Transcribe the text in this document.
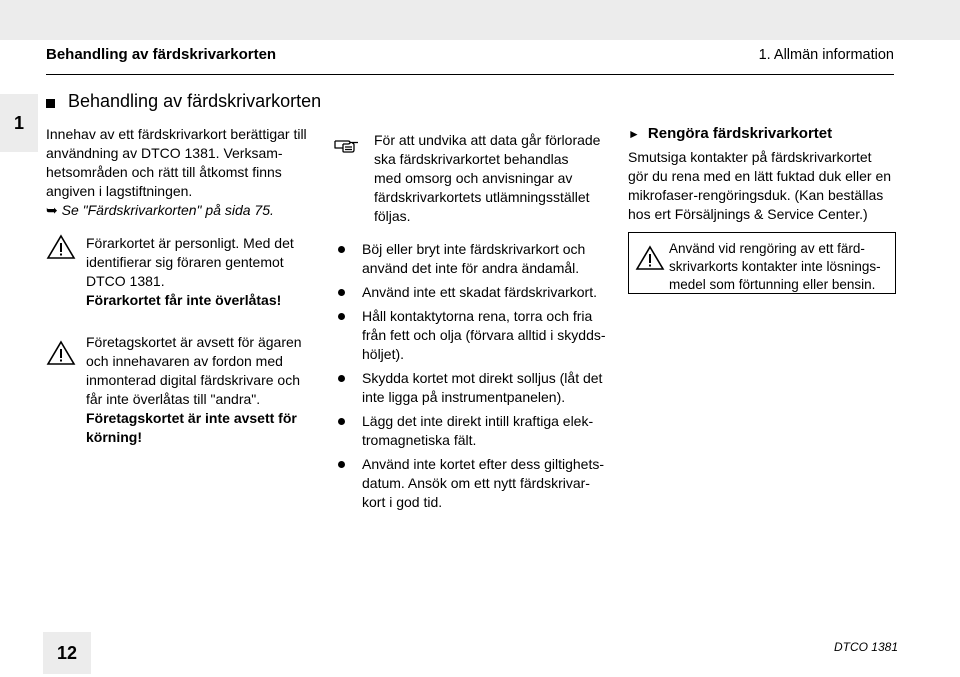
Behandling av färdskrivarkorten	1. Allmän information
1
Behandling av färdskrivarkorten
Innehav av ett färdskrivarkort berättigar till
användning av DTCO 1381. Verksam-
hetsområden och rätt till åtkomst finns
angiven i lagstiftningen.
➥ Se "Färdskrivarkorten" på sida 75.
Förarkortet är personligt. Med det
identifierar sig föraren gentemot
DTCO 1381.
Förarkortet får inte överlåtas!
Företagskortet är avsett för ägaren
och innehavaren av fordon med
inmonterad digital färdskrivare och
får inte överlåtas till "andra".
Företagskortet är inte avsett för
körning!
För att undvika att data går förlorade
ska färdskrivarkortet behandlas
med omsorg och anvisningar av
färdskrivarkortets utlämningsstället
följas.
Böj eller bryt inte färdskrivarkort och
använd det inte för andra ändamål.
Använd inte ett skadat färdskrivarkort.
Håll kontaktytorna rena, torra och fria
från fett och olja (förvara alltid i skydds-
höljet).
Skydda kortet mot direkt solljus (låt det
inte ligga på instrumentpanelen).
Lägg det inte direkt intill kraftiga elek-
tromagnetiska fält.
Använd inte kortet efter dess giltighets-
datum. Ansök om ett nytt färdskrivar-
kort i god tid.
► Rengöra färdskrivarkortet
Smutsiga kontakter på färdskrivarkortet
gör du rena med en lätt fuktad duk eller en
mikrofaser-rengöringsduk. (Kan beställas
hos ert Försäljnings & Service Center.)
Använd vid rengöring av ett färd-
skrivarkorts kontakter inte lösnings-
medel som förtunning eller bensin.
12	DTCO 1381
